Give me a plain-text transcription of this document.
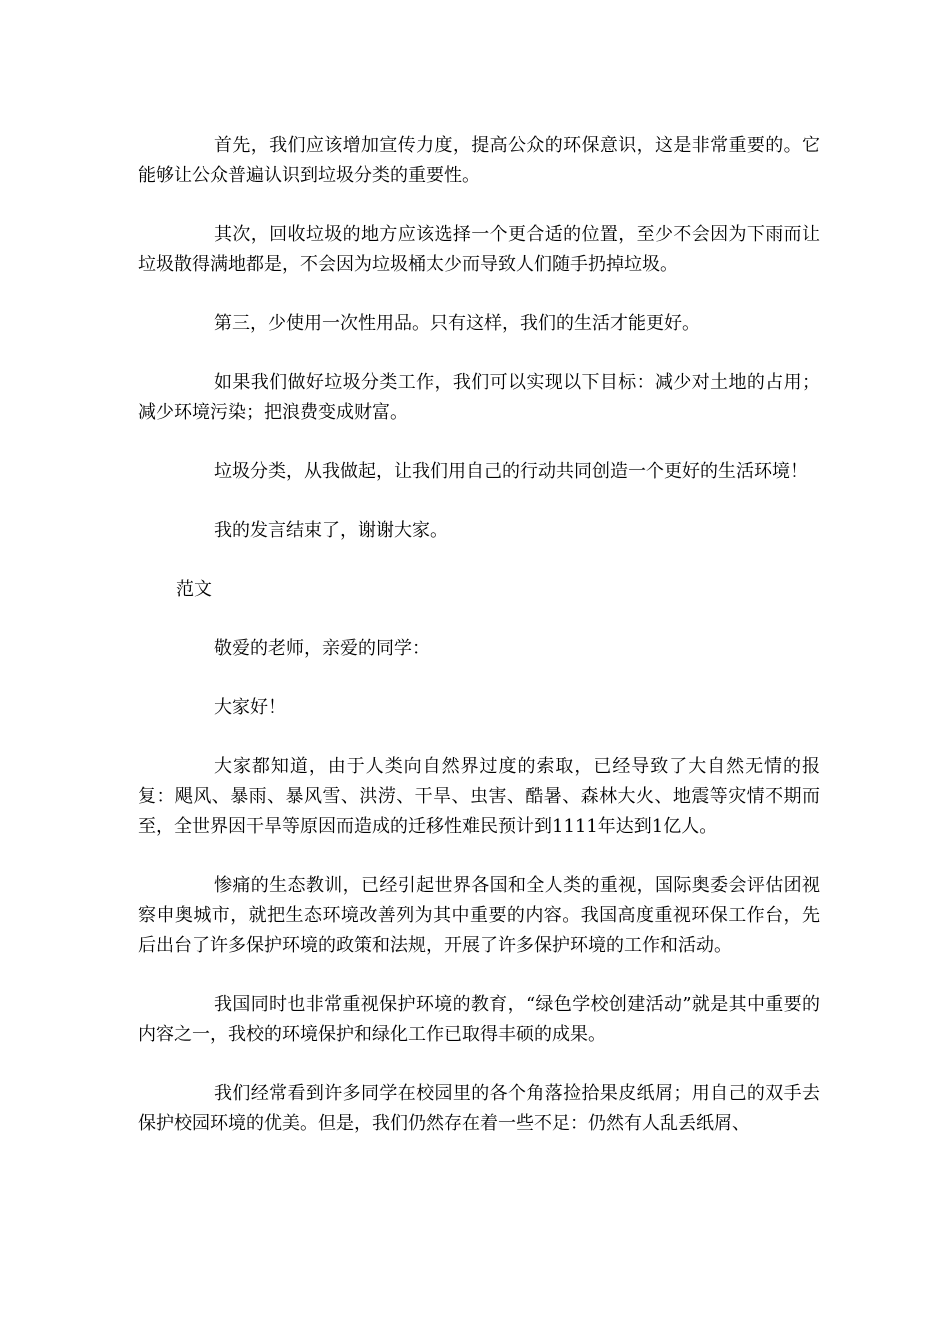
首先，我们应该增加宣传力度，提高公众的环保意识，这是非常重要的。它能够让公众普遍认识到垃圾分类的重要性。

其次，回收垃圾的地方应该选择一个更合适的位置，至少不会因为下雨而让垃圾散得满地都是，不会因为垃圾桶太少而导致人们随手扔掉垃圾。

第三，少使用一次性用品。只有这样，我们的生活才能更好。

如果我们做好垃圾分类工作，我们可以实现以下目标：减少对土地的占用；减少环境污染；把浪费变成财富。

垃圾分类，从我做起，让我们用自己的行动共同创造一个更好的生活环境！

我的发言结束了，谢谢大家。

范文

敬爱的老师，亲爱的同学：

大家好！

大家都知道，由于人类向自然界过度的索取，已经导致了大自然无情的报复：飓风、暴雨、暴风雪、洪涝、干旱、虫害、酷暑、森林大火、地震等灾情不期而至，全世界因干旱等原因而造成的迁移性难民预计到1111年达到1亿人。

惨痛的生态教训，已经引起世界各国和全人类的重视，国际奥委会评估团视察申奥城市，就把生态环境改善列为其中重要的内容。我国高度重视环保工作台，先后出台了许多保护环境的政策和法规，开展了许多保护环境的工作和活动。

我国同时也非常重视保护环境的教育，“绿色学校创建活动”就是其中重要的内容之一，我校的环境保护和绿化工作已取得丰硕的成果。

我们经常看到许多同学在校园里的各个角落捡拾果皮纸屑；用自己的双手去保护校园环境的优美。但是，我们仍然存在着一些不足：仍然有人乱丢纸屑、
